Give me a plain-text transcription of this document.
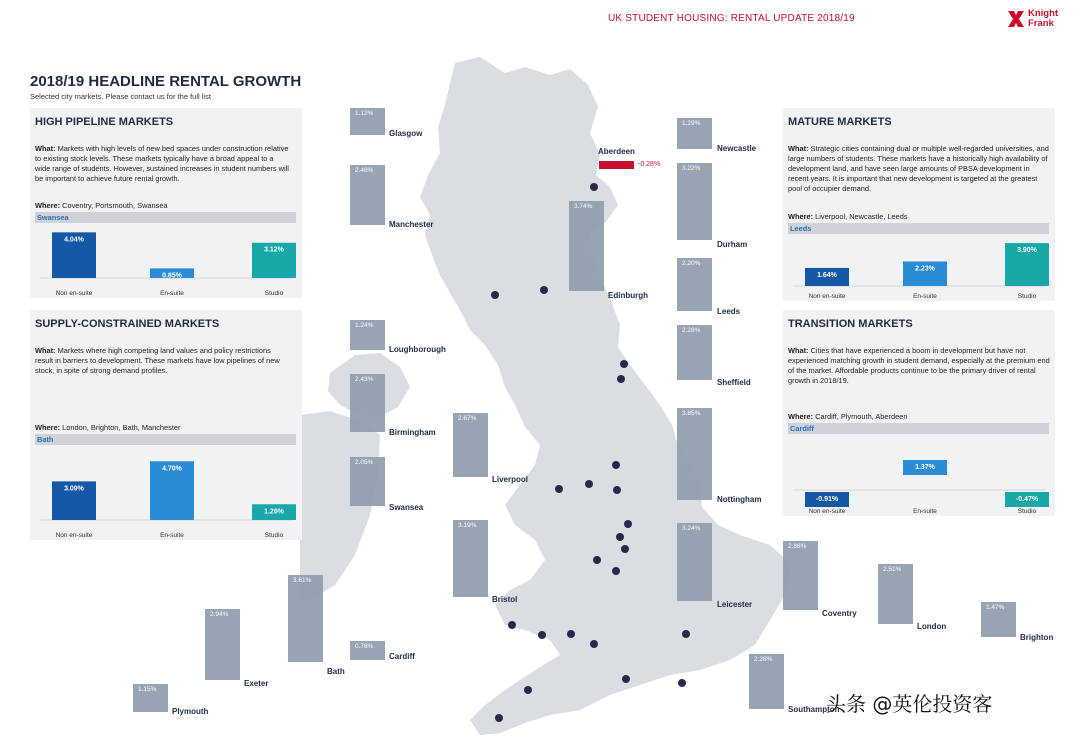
UK STUDENT HOUSING: RENTAL UPDATE 2018/19	Knight
Frank
2018/19 HEADLINE RENTAL GROWTH
Selected city markets. Please contact us for the full list
1.12%
Glasgow
2.48%
Manchester
1.24%
Loughborough
2.43%
Birmingham
2.05%
Swansea
0.78%
Cardiff
2.67%
Liverpool
3.19%
Bristol
-0.28%
Aberdeen
3.74%
Edinburgh
1.29%
Newcastle
3.22%
Durham
2.20%
Leeds
2.28%
Sheffield
3.85%
Nottingham
3.24%
Leicester
2.88%
Coventry
2.51%
London
1.47%
Brighton
2.28%
Southampton
3.61%
Bath
2.94%
Exeter
1.15%
Plymouth
HIGH PIPELINE MARKETS
What: Markets with high levels of new bed spaces under construction relative to existing stock levels. These markets typically have a broad appeal to a wide range of students. However, sustained increases in student numbers will be important to achieve future rental growth.
Where: Coventry, Portsmouth, Swansea
Swansea
4.04%
Non en-suite
0.85%
En-suite
3.12%
Studio
SUPPLY-CONSTRAINED MARKETS
What: Markets where high competing land values and policy restrictions result in barriers to development. These markets have low pipelines of new stock, in spite of strong demand profiles.
Where: London, Brighton, Bath, Manchester
Bath
3.09%
Non en-suite
4.70%
En-suite
1.26%
Studio
MATURE MARKETS
What: Strategic cities containing dual or multiple well-regarded universities, and large numbers of students. These markets have a historically high availability of development land, and have seen large amounts of PBSA development in recent years. It is important that new development is targeted at the greatest pool of occupier demand.
Where: Liverpool, Newcastle, Leeds
Leeds
1.64%
Non en-suite
2.23%
En-suite
3.90%
Studio
TRANSITION MARKETS
What: Cities that have experienced a boom in development but have not experienced matching growth in student demand, especially at the premium end of the market. Affordable products continue to be the primary driver of rental growth in 2018/19.
Where: Cardiff, Plymouth, Aberdeen
Cardiff
-0.91%
Non en-suite
1.37%
En-suite
-0.47%
Studio
头条 @英伦投资客
